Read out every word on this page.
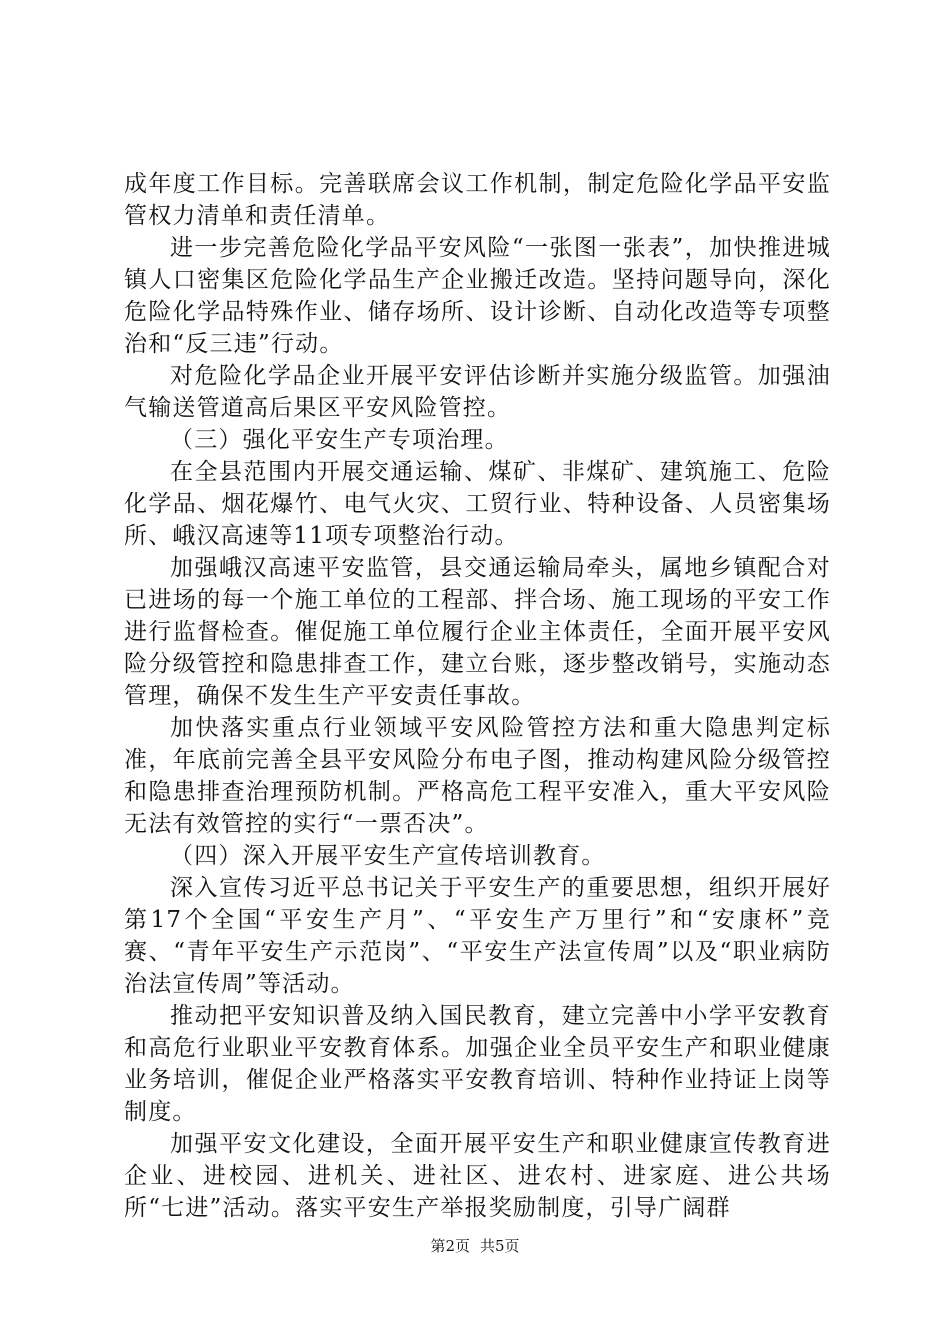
成年度工作目标。完善联席会议工作机制，制定危险化学品平安监管权力清单和责任清单。

进一步完善危险化学品平安风险“一张图一张表”，加快推进城镇人口密集区危险化学品生产企业搬迁改造。坚持问题导向，深化危险化学品特殊作业、储存场所、设计诊断、自动化改造等专项整治和“反三违”行动。

对危险化学品企业开展平安评估诊断并实施分级监管。加强油气输送管道高后果区平安风险管控。

（三）强化平安生产专项治理。

在全县范围内开展交通运输、煤矿、非煤矿、建筑施工、危险化学品、烟花爆竹、电气火灾、工贸行业、特种设备、人员密集场所、峨汉高速等11项专项整治行动。

加强峨汉高速平安监管，县交通运输局牵头，属地乡镇配合对已进场的每一个施工单位的工程部、拌合场、施工现场的平安工作进行监督检查。催促施工单位履行企业主体责任，全面开展平安风险分级管控和隐患排查工作，建立台账，逐步整改销号，实施动态管理，确保不发生生产平安责任事故。

加快落实重点行业领域平安风险管控方法和重大隐患判定标准，年底前完善全县平安风险分布电子图，推动构建风险分级管控和隐患排查治理预防机制。严格高危工程平安准入，重大平安风险无法有效管控的实行“一票否决”。

（四）深入开展平安生产宣传培训教育。

深入宣传习近平总书记关于平安生产的重要思想，组织开展好第17个全国“平安生产月”、“平安生产万里行”和“安康杯”竞赛、“青年平安生产示范岗”、“平安生产法宣传周”以及“职业病防治法宣传周”等活动。

推动把平安知识普及纳入国民教育，建立完善中小学平安教育和高危行业职业平安教育体系。加强企业全员平安生产和职业健康业务培训，催促企业严格落实平安教育培训、特种作业持证上岗等制度。

加强平安文化建设，全面开展平安生产和职业健康宣传教育进企业、进校园、进机关、进社区、进农村、进家庭、进公共场所“七进”活动。落实平安生产举报奖励制度，引导广阔群

第2页 共5页
